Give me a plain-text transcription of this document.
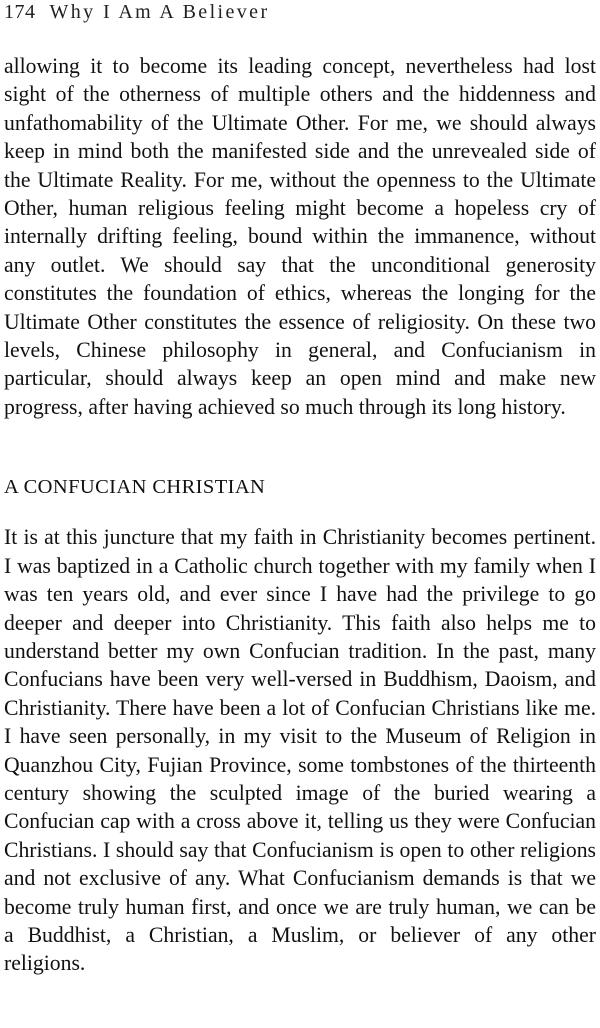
174 Why I Am A Believer

allowing it to become its leading concept, nevertheless had lost sight of the otherness of multiple others and the hiddenness and unfathomability of the Ultimate Other. For me, we should always keep in mind both the manifested side and the unrevealed side of the Ultimate Reality. For me, without the openness to the Ultimate Other, human religious feeling might become a hopeless cry of internally drifting feeling, bound within the immanence, without any outlet. We should say that the unconditional generosity constitutes the foundation of ethics, whereas the longing for the Ultimate Other constitutes the essence of religiosity. On these two levels, Chinese philosophy in general, and Confucianism in particular, should always keep an open mind and make new progress, after having achieved so much through its long history.

A CONFUCIAN CHRISTIAN

It is at this juncture that my faith in Christianity becomes pertinent. I was baptized in a Catholic church together with my family when I was ten years old, and ever since I have had the privilege to go deeper and deeper into Christianity. This faith also helps me to understand better my own Confucian tradition. In the past, many Confucians have been very well-versed in Buddhism, Daoism, and Christianity. There have been a lot of Confucian Christians like me. I have seen personally, in my visit to the Museum of Religion in Quanzhou City, Fujian Province, some tombstones of the thirteenth century showing the sculpted image of the buried wearing a Confucian cap with a cross above it, telling us they were Confucian Christians. I should say that Confucianism is open to other religions and not exclusive of any. What Confucianism demands is that we become truly human first, and once we are truly human, we can be a Buddhist, a Christian, a Muslim, or believer of any other religions.
